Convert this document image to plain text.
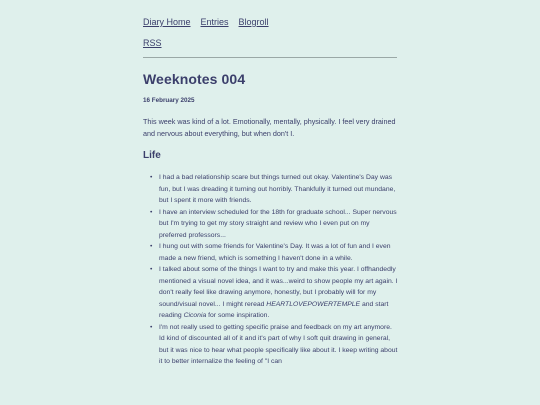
Diary Home Entries Blogroll
RSS
Weeknotes 004
16 February 2025

This week was kind of a lot. Emotionally, mentally, physically. I feel very drained and nervous about everything, but when don't I.

Life
• I had a bad relationship scare but things turned out okay. Valentine's Day was fun, but I was dreading it turning out horribly. Thankfully it turned out mundane, but I spent it more with friends.
• I have an interview scheduled for the 18th for graduate school... Super nervous but I'm trying to get my story straight and review who I even put on my preferred professors...
• I hung out with some friends for Valentine's Day. It was a lot of fun and I even made a new friend, which is something I haven't done in a while.
• I talked about some of the things I want to try and make this year. I offhandedly mentioned a visual novel idea, and it was...weird to show people my art again. I don't really feel like drawing anymore, honestly, but I probably will for my sound/visual novel... I might reread HEARTLOVEPOWERTEMPLE and start reading Ciconia for some inspiration.
• I'm not really used to getting specific praise and feedback on my art anymore. Id kind of discounted all of it and it's part of why I soft quit drawing in general, but it was nice to hear what people specifically like about it. I keep writing about it to better internalize the feeling of "I can
